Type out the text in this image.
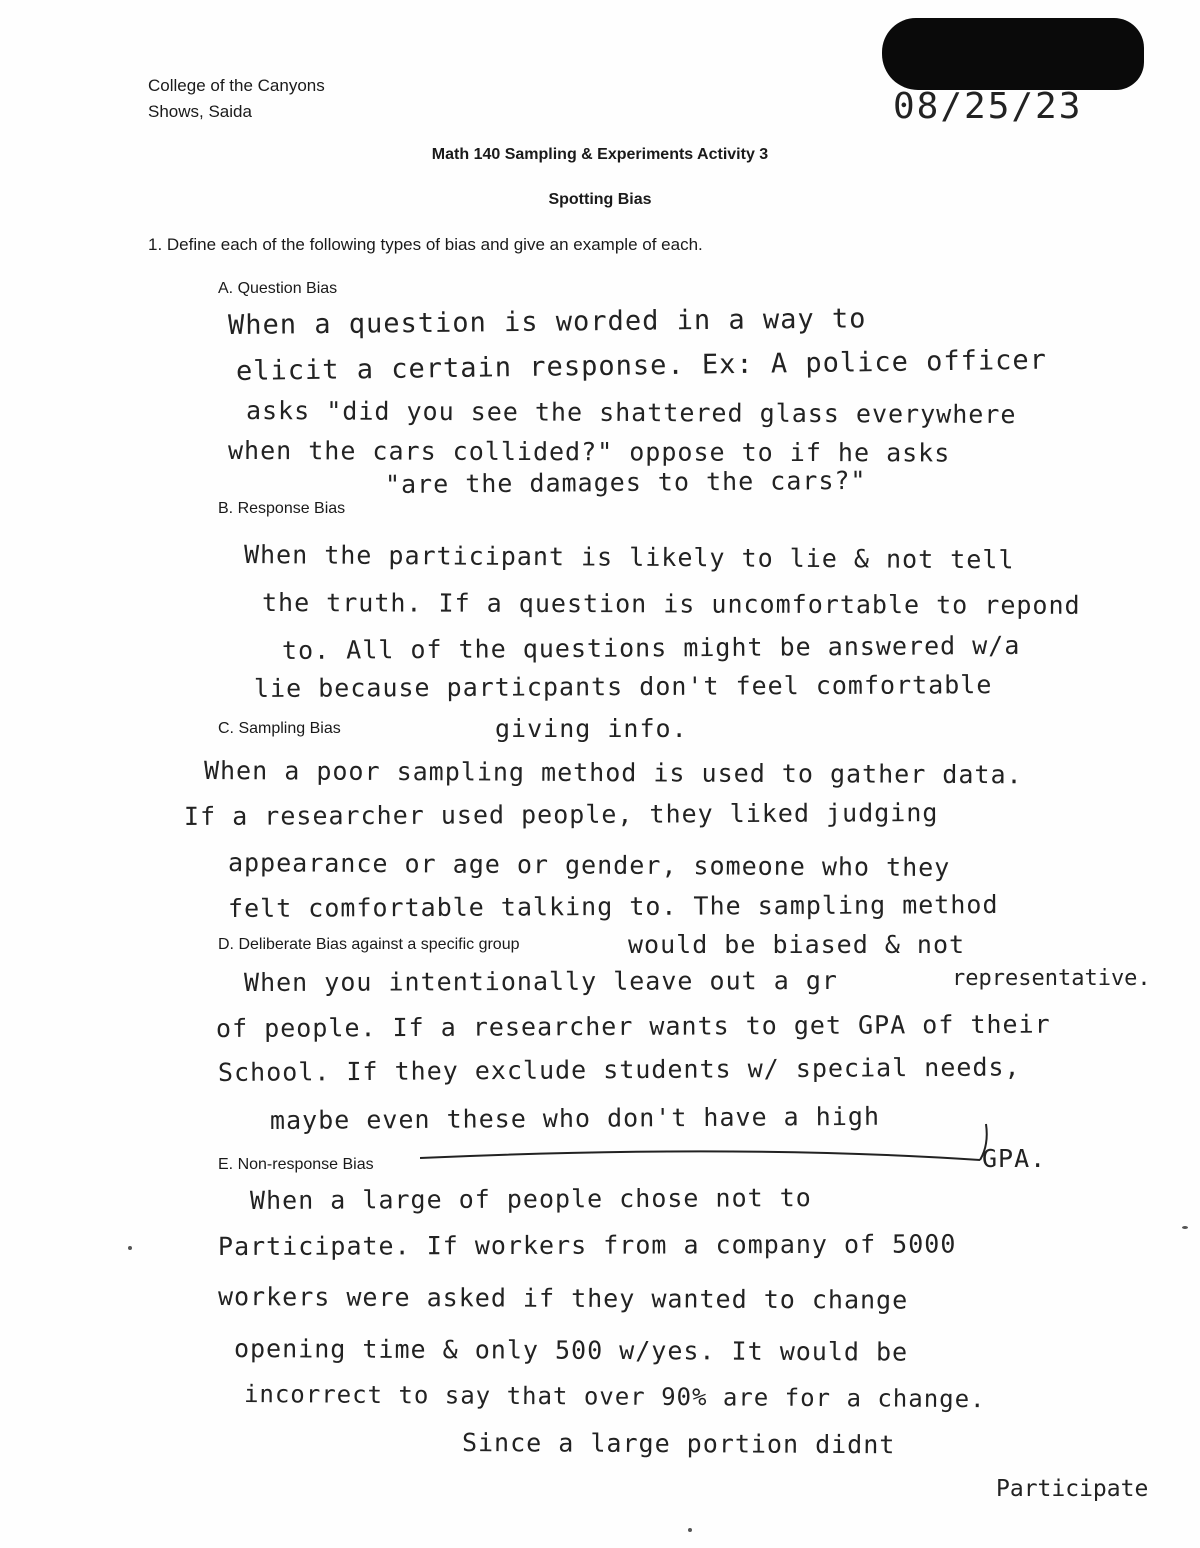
College of the Canyons
Shows, Saida	08/25/23
Math 140 Sampling & Experiments Activity 3
Spotting Bias
1. Define each of the following types of bias and give an example of each.
A. Question Bias
When a question is worded in a way to
elicit a certain response. Ex: A police officer
asks "did you see the shattered glass everywhere
when the cars collided?" oppose to if he asks
"are the damages to the cars?"
B. Response Bias
When the participant is likely to lie & not tell
the truth. If a question is uncomfortable to repond
to. All of the questions might be answered w/a
lie because particpants don't feel comfortable
giving info.
C. Sampling Bias
When a poor sampling method is used to gather data.
If a researcher used people, they liked judging
appearance or age or gender, someone who they
felt comfortable talking to. The sampling method
would be biased & not
representative.
D. Deliberate Bias against a specific group
When you intentionally leave out a gr
of people. If a researcher wants to get GPA of their
School. If they exclude students w/ special needs,
maybe even these who don't have a high
GPA.
E. Non-response Bias
When a large of people chose not to
Participate. If workers from a company of 5000
workers were asked if they wanted to change
opening time & only 500 w/yes. It would be
incorrect to say that over 90% are for a change.
Since a large portion didnt
Participate
